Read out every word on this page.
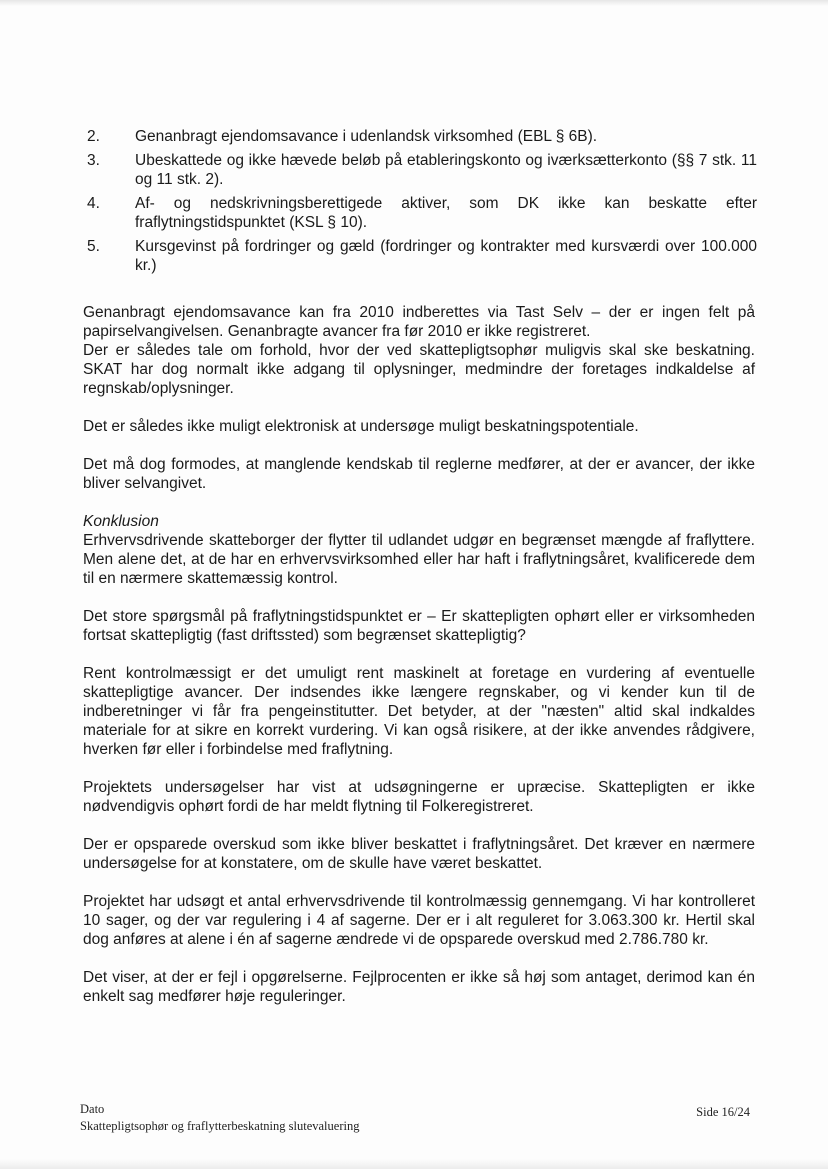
2. Genanbragt ejendomsavance i udenlandsk virksomhed (EBL § 6B).
3. Ubeskattede og ikke hævede beløb på etableringskonto og iværksætterkonto (§§ 7 stk. 11 og 11 stk. 2).
4. Af- og nedskrivningsberettigede aktiver, som DK ikke kan beskatte efter fraflytningstidspunktet (KSL § 10).
5. Kursgevinst på fordringer og gæld (fordringer og kontrakter med kursværdi over 100.000 kr.)

Genanbragt ejendomsavance kan fra 2010 indberettes via Tast Selv – der er ingen felt på papirselvangivelsen. Genanbragte avancer fra før 2010 er ikke registreret.

Der er således tale om forhold, hvor der ved skattepligtsophør muligvis skal ske beskatning. SKAT har dog normalt ikke adgang til oplysninger, medmindre der foretages indkaldelse af regnskab/oplysninger.

Det er således ikke muligt elektronisk at undersøge muligt beskatningspotentiale.

Det må dog formodes, at manglende kendskab til reglerne medfører, at der er avancer, der ikke bliver selvangivet.

Konklusion

Erhvervsdrivende skatteborger der flytter til udlandet udgør en begrænset mængde af fraflyttere. Men alene det, at de har en erhvervsvirksomhed eller har haft i fraflytningsåret, kvalificerede dem til en nærmere skattemæssig kontrol.

Det store spørgsmål på fraflytningstidspunktet er – Er skattepligten ophørt eller er virksomheden fortsat skattepligtig (fast driftssted) som begrænset skattepligtig?

Rent kontrolmæssigt er det umuligt rent maskinelt at foretage en vurdering af eventuelle skattepligtige avancer. Der indsendes ikke længere regnskaber, og vi kender kun til de indberetninger vi får fra pengeinstitutter. Det betyder, at der "næsten" altid skal indkaldes materiale for at sikre en korrekt vurdering. Vi kan også risikere, at der ikke anvendes rådgivere, hverken før eller i forbindelse med fraflytning.

Projektets undersøgelser har vist at udsøgningerne er upræcise. Skattepligten er ikke nødvendigvis ophørt fordi de har meldt flytning til Folkeregistreret.

Der er opsparede overskud som ikke bliver beskattet i fraflytningsåret. Det kræver en nærmere undersøgelse for at konstatere, om de skulle have været beskattet.

Projektet har udsøgt et antal erhvervsdrivende til kontrolmæssig gennemgang. Vi har kontrolleret 10 sager, og der var regulering i 4 af sagerne. Der er i alt reguleret for 3.063.300 kr. Hertil skal dog anføres at alene i én af sagerne ændrede vi de opsparede overskud med 2.786.780 kr.

Det viser, at der er fejl i opgørelserne. Fejlprocenten er ikke så høj som antaget, derimod kan én enkelt sag medfører høje reguleringer.

Dato
Skattepligtsophør og fraflytterbeskatning slutevaluering
Side 16/24
